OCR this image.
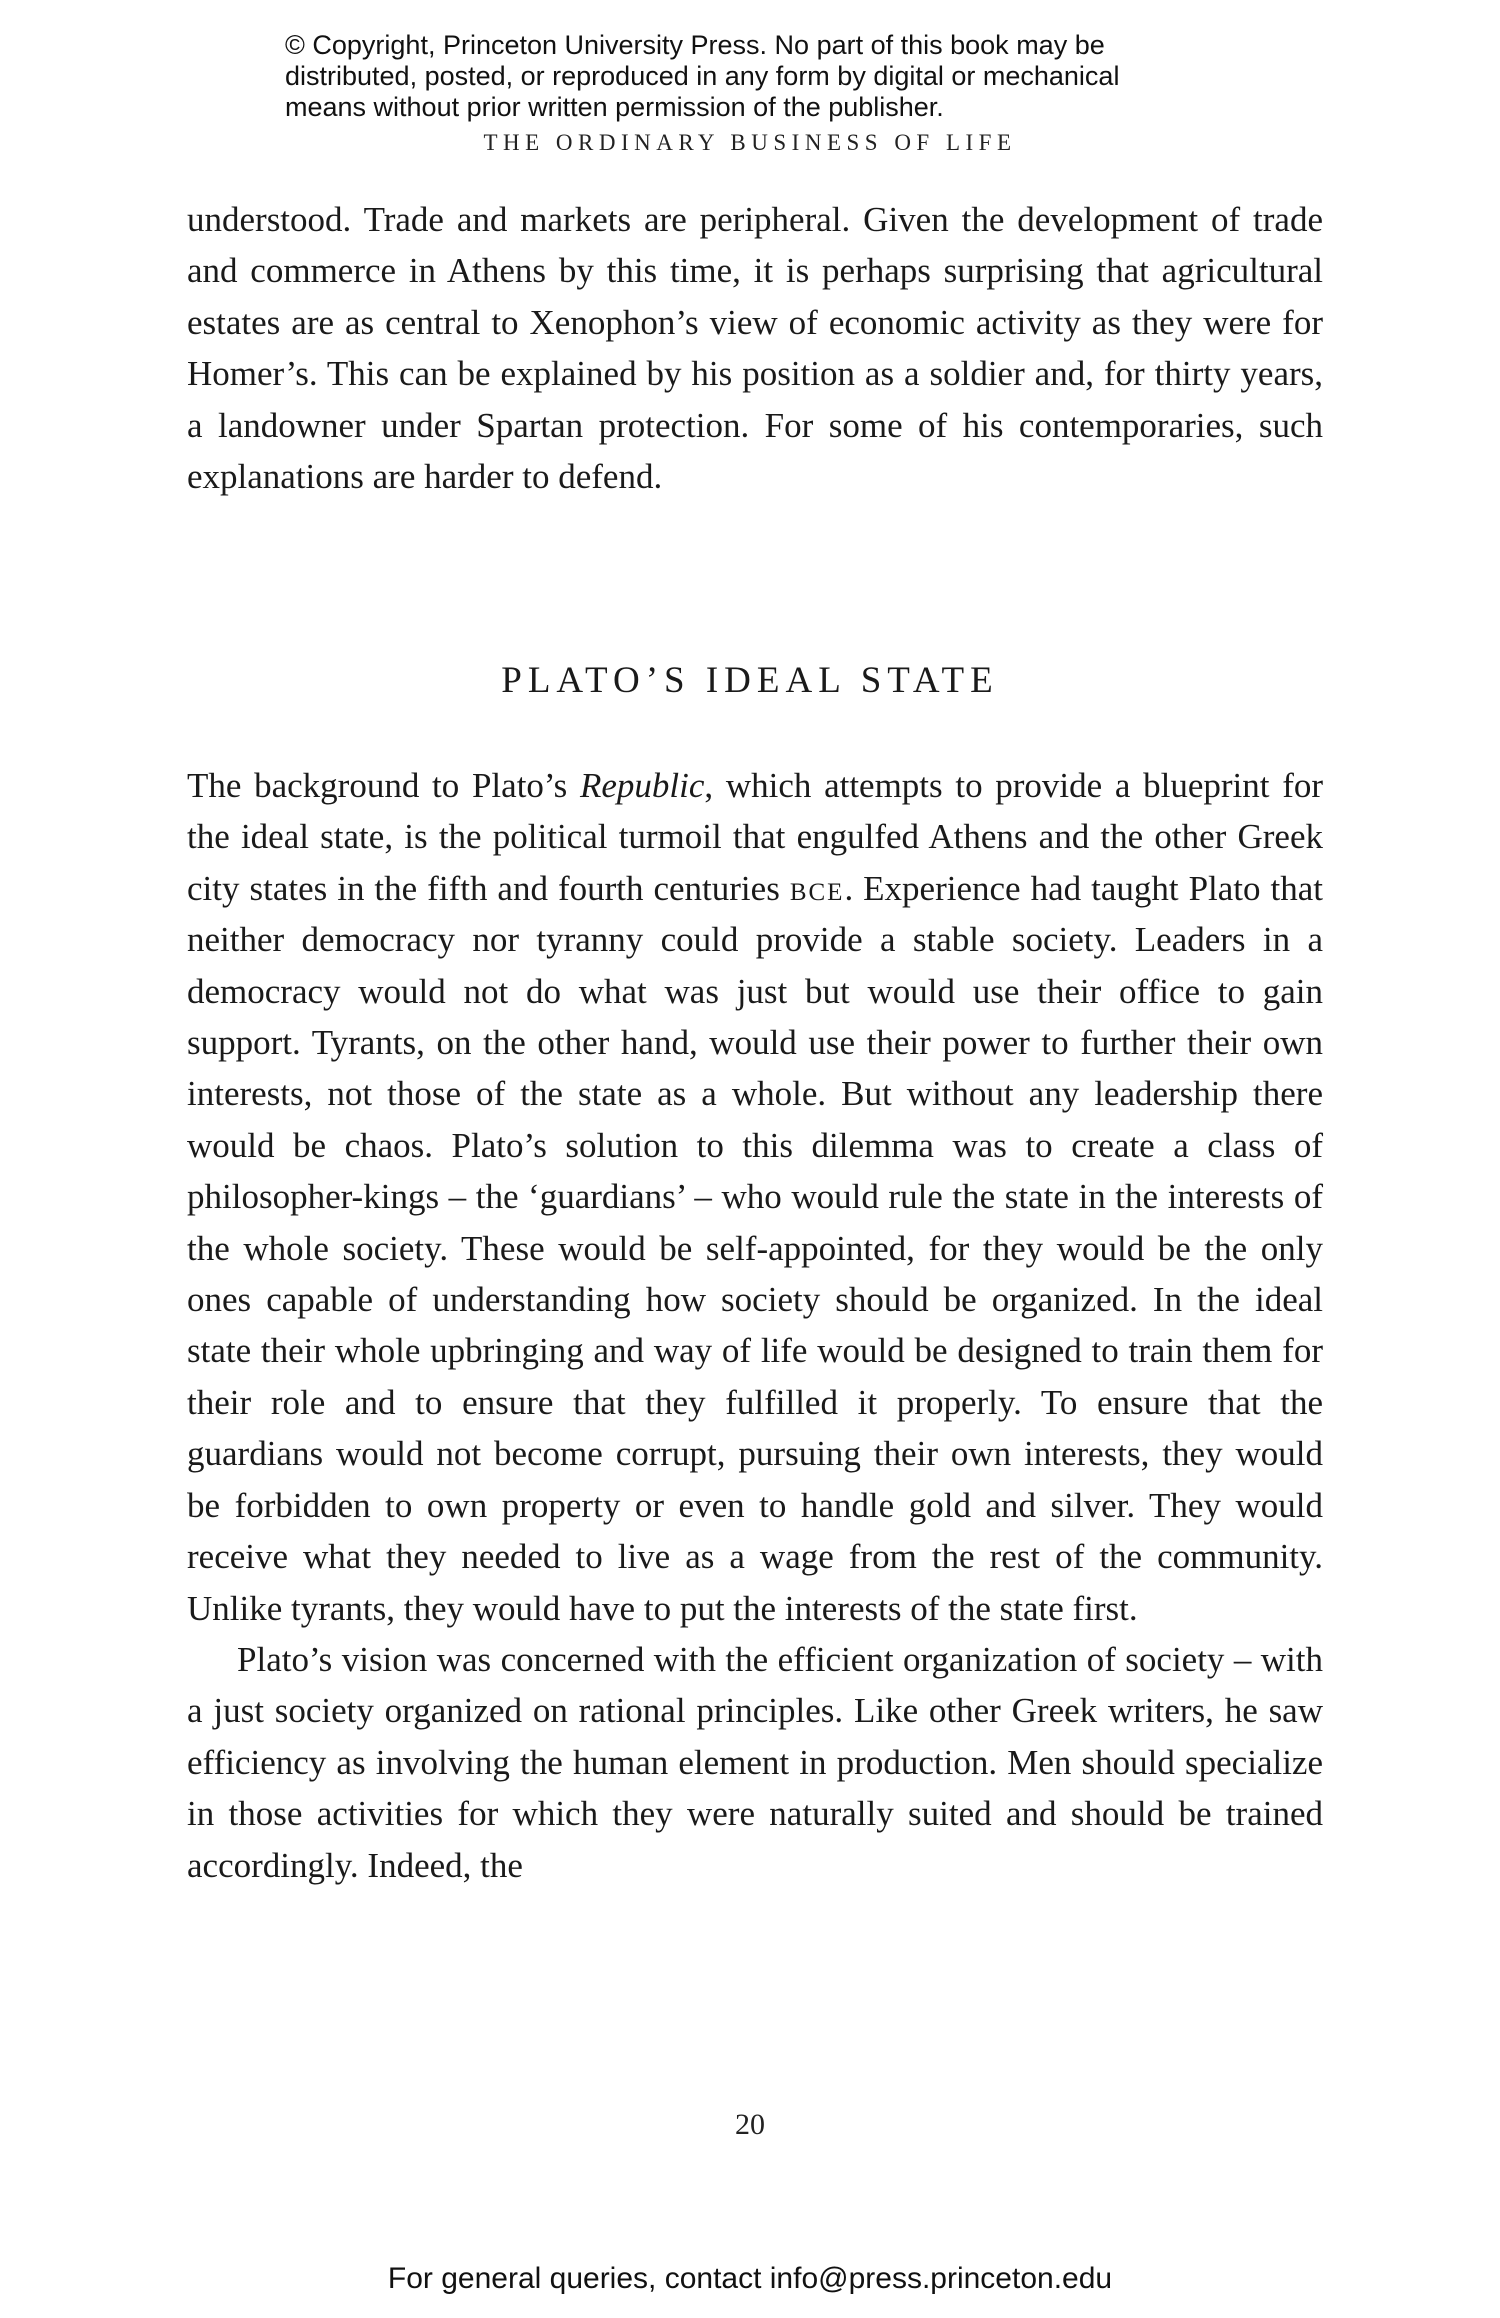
© Copyright, Princeton University Press. No part of this book may be
distributed, posted, or reproduced in any form by digital or mechanical
means without prior written permission of the publisher.
THE ORDINARY BUSINESS OF LIFE

understood. Trade and markets are peripheral. Given the development of trade and commerce in Athens by this time, it is perhaps surprising that agricultural estates are as central to Xenophon’s view of economic activity as they were for Homer’s. This can be explained by his position as a soldier and, for thirty years, a landowner under Spartan protection. For some of his contemporaries, such explanations are harder to defend.

PLATO’S IDEAL STATE

The background to Plato’s Republic, which attempts to provide a blueprint for the ideal state, is the political turmoil that engulfed Athens and the other Greek city states in the fifth and fourth centuries bce. Experience had taught Plato that neither democracy nor tyranny could provide a stable society. Leaders in a democracy would not do what was just but would use their office to gain support. Tyrants, on the other hand, would use their power to further their own interests, not those of the state as a whole. But without any leadership there would be chaos. Plato’s solution to this dilemma was to create a class of philosopher-kings – the ‘guardians’ – who would rule the state in the interests of the whole society. These would be self-appointed, for they would be the only ones capable of understanding how society should be organized. In the ideal state their whole upbringing and way of life would be designed to train them for their role and to ensure that they fulfilled it properly. To ensure that the guardians would not become corrupt, pursuing their own interests, they would be forbidden to own property or even to handle gold and silver. They would receive what they needed to live as a wage from the rest of the community. Unlike tyrants, they would have to put the interests of the state first.

Plato’s vision was concerned with the efficient organization of society – with a just society organized on rational principles. Like other Greek writers, he saw efficiency as involving the human element in production. Men should specialize in those activities for which they were naturally suited and should be trained accordingly. Indeed, the

20
For general queries, contact info@press.princeton.edu
